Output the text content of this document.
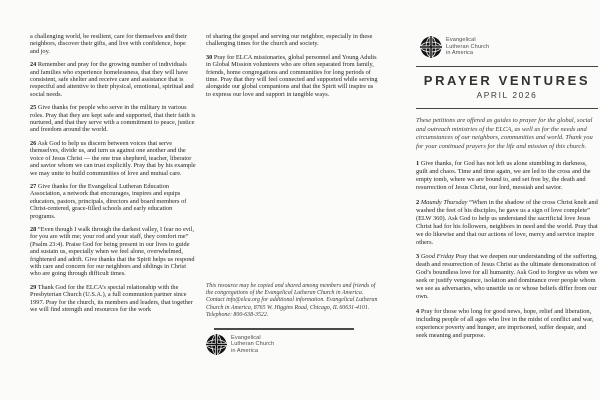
a challenging world, be resilient, care for themselves and their neighbors, discover their gifts, and live with confidence, hope and joy.

24 Remember and pray for the growing number of individuals and families who experience homelessness, that they will have consistent, safe shelter and receive care and assistance that is respectful and attentive to their physical, emotional, spiritual and social needs.

25 Give thanks for people who serve in the military in various roles. Pray that they are kept safe and supported, that their faith is nurtured, and that they serve with a commitment to peace, justice and freedom around the world.

26 Ask God to help us discern between voices that serve themselves, divide us, and turn us against one another and the voice of Jesus Christ — the one true shepherd, teacher, liberator and savior whom we can trust explicitly. Pray that by his example we may unite to build communities of love and mutual care.

27 Give thanks for the Evangelical Lutheran Education Association, a network that encourages, inspires and equips educators, pastors, principals, directors and board members of Christ-centered, grace-filled schools and early education programs.

28 “Even though I walk through the darkest valley, I fear no evil, for you are with me; your rod and your staff, they comfort me” (Psalm 23:4). Praise God for being present in our lives to guide and sustain us, especially when we feel alone, overwhelmed, frightened and adrift. Give thanks that the Spirit helps us respond with care and concern for our neighbors and siblings in Christ who are going through difficult times.

29 Thank God for the ELCA’s special relationship with the Presbyterian Church (U.S.A.), a full communion partner since 1997. Pray for the church, its members and leaders, that together we will find strength and resources for the work

of sharing the gospel and serving our neighbor, especially in these challenging times for the church and society.

30 Pray for ELCA missionaries, global personnel and Young Adults in Global Mission volunteers who are often separated from family, friends, home congregations and communities for long periods of time. Pray that they will feel connected and supported while serving alongside our global companions and that the Spirit will inspire us to express our love and support in tangible ways.

This resource may be copied and shared among members and friends of the congregations of the Evangelical Lutheran Church in America. Contact info@elca.org for additional information. Evangelical Lutheran Church in America, 8765 W. Higgins Road, Chicago, IL 60631-4101. Telephone: 800-638-3522.

Evangelical
Lutheran Church
in America
Evangelical
Lutheran Church
in America
PRAYER VENTURES
APRIL 2026

These petitions are offered as guides to prayer for the global, social and outreach ministries of the ELCA, as well as for the needs and circumstances of our neighbors, communities and world. Thank you for your continued prayers for the life and mission of this church.

1 Give thanks, for God has not left us alone stumbling in darkness, guilt and chaos. Time and time again, we are led to the cross and the empty tomb, where we are bound to, and set free by, the death and resurrection of Jesus Christ, our lord, messiah and savior.

2 Maundy Thursday “When in the shadow of the cross Christ knelt and washed the feet of his disciples, he gave us a sign of love complete” (ELW 360). Ask God to help us understand the sacrificial love Jesus Christ had for his followers, neighbors in need and the world. Pray that we do likewise and that our actions of love, mercy and service inspire others.

3 Good Friday Pray that we deepen our understanding of the suffering, death and resurrection of Jesus Christ as the ultimate demonstration of God’s boundless love for all humanity. Ask God to forgive us when we seek or justify vengeance, isolation and dominance over people whom we see as adversaries, who unsettle us or whose beliefs differ from our own.

4 Pray for those who long for good news, hope, relief and liberation, including people of all ages who live in the midst of conflict and war, experience poverty and hunger, are imprisoned, suffer despair, and seek meaning and purpose.
